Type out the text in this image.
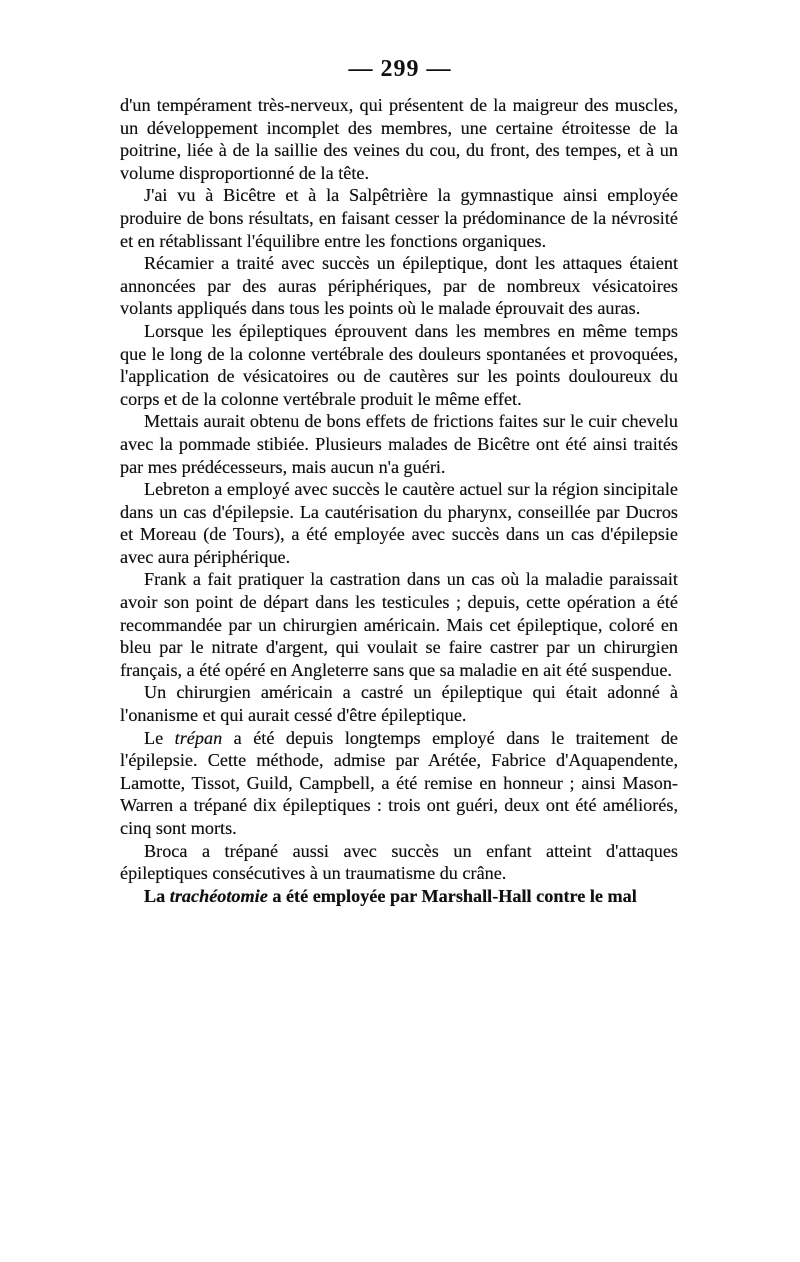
— 299 —

d'un tempérament très-nerveux, qui présentent de la maigreur des muscles, un développement incomplet des membres, une certaine étroitesse de la poitrine, liée à de la saillie des veines du cou, du front, des tempes, et à un volume disproportionné de la tête.

J'ai vu à Bicêtre et à la Salpêtrière la gymnastique ainsi employée produire de bons résultats, en faisant cesser la prédominance de la névrosité et en rétablissant l'équilibre entre les fonctions organiques.

Récamier a traité avec succès un épileptique, dont les attaques étaient annoncées par des auras périphériques, par de nombreux vésicatoires volants appliqués dans tous les points où le malade éprouvait des auras.

Lorsque les épileptiques éprouvent dans les membres en même temps que le long de la colonne vertébrale des douleurs spontanées et provoquées, l'application de vésicatoires ou de cautères sur les points douloureux du corps et de la colonne vertébrale produit le même effet.

Mettais aurait obtenu de bons effets de frictions faites sur le cuir chevelu avec la pommade stibiée. Plusieurs malades de Bicêtre ont été ainsi traités par mes prédécesseurs, mais aucun n'a guéri.

Lebreton a employé avec succès le cautère actuel sur la région sincipitale dans un cas d'épilepsie. La cautérisation du pharynx, conseillée par Ducros et Moreau (de Tours), a été employée avec succès dans un cas d'épilepsie avec aura périphérique.

Frank a fait pratiquer la castration dans un cas où la maladie paraissait avoir son point de départ dans les testicules ; depuis, cette opération a été recommandée par un chirurgien américain. Mais cet épileptique, coloré en bleu par le nitrate d'argent, qui voulait se faire castrer par un chirurgien français, a été opéré en Angleterre sans que sa maladie en ait été suspendue.

Un chirurgien américain a castré un épileptique qui était adonné à l'onanisme et qui aurait cessé d'être épileptique.

Le trépan a été depuis longtemps employé dans le traitement de l'épilepsie. Cette méthode, admise par Arétée, Fabrice d'Aquapendente, Lamotte, Tissot, Guild, Campbell, a été remise en honneur ; ainsi Mason-Warren a trépané dix épileptiques : trois ont guéri, deux ont été améliorés, cinq sont morts.

Broca a trépané aussi avec succès un enfant atteint d'attaques épileptiques consécutives à un traumatisme du crâne.

La trachéotomie a été employée par Marshall-Hall contre le mal
